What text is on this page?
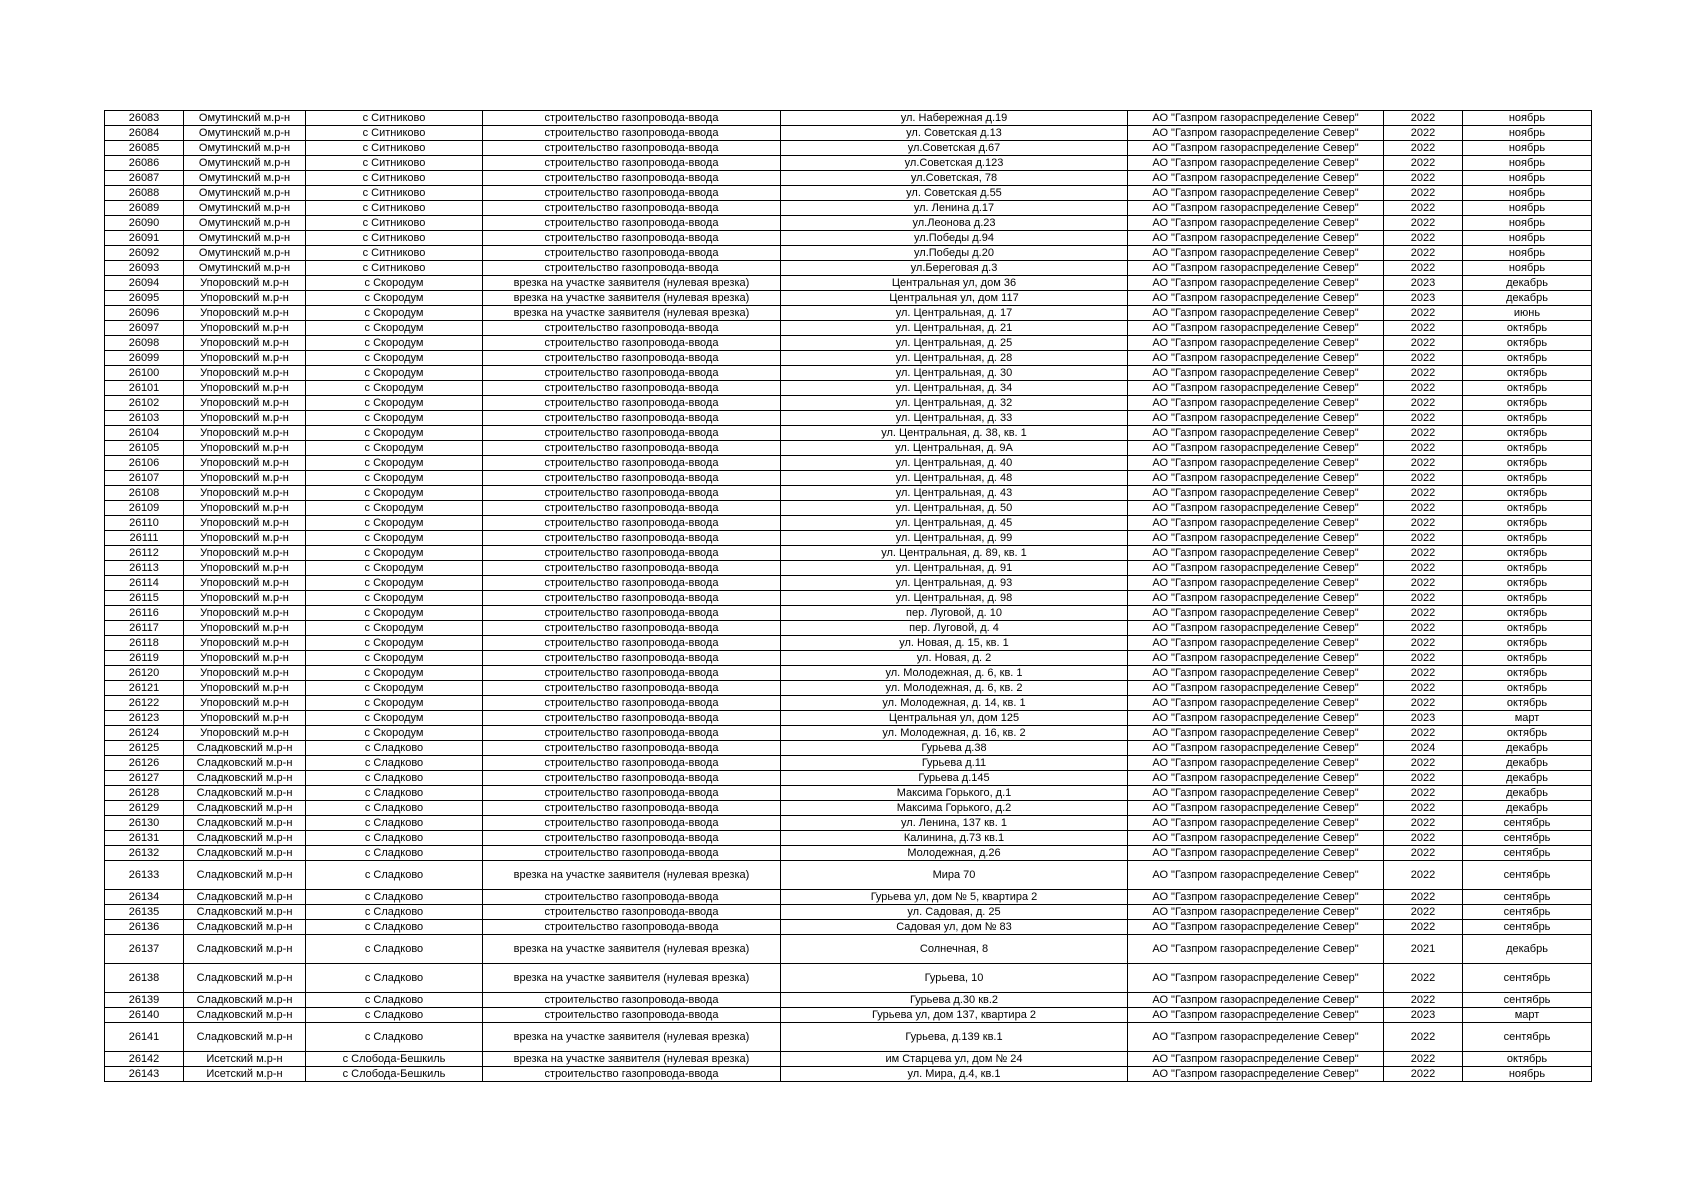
26083	Омутинский м.р-н	с Ситниково	строительство газопровода-ввода	ул. Набережная д.19	АО "Газпром газораспределение Север"	2022	ноябрь
26084	Омутинский м.р-н	с Ситниково	строительство газопровода-ввода	ул. Советская д.13	АО "Газпром газораспределение Север"	2022	ноябрь
26085	Омутинский м.р-н	с Ситниково	строительство газопровода-ввода	ул.Советская д.67	АО "Газпром газораспределение Север"	2022	ноябрь
26086	Омутинский м.р-н	с Ситниково	строительство газопровода-ввода	ул.Советская д.123	АО "Газпром газораспределение Север"	2022	ноябрь
26087	Омутинский м.р-н	с Ситниково	строительство газопровода-ввода	ул.Советская, 78	АО "Газпром газораспределение Север"	2022	ноябрь
26088	Омутинский м.р-н	с Ситниково	строительство газопровода-ввода	ул. Советская д.55	АО "Газпром газораспределение Север"	2022	ноябрь
26089	Омутинский м.р-н	с Ситниково	строительство газопровода-ввода	ул. Ленина д.17	АО "Газпром газораспределение Север"	2022	ноябрь
26090	Омутинский м.р-н	с Ситниково	строительство газопровода-ввода	ул.Леонова д.23	АО "Газпром газораспределение Север"	2022	ноябрь
26091	Омутинский м.р-н	с Ситниково	строительство газопровода-ввода	ул.Победы д.94	АО "Газпром газораспределение Север"	2022	ноябрь
26092	Омутинский м.р-н	с Ситниково	строительство газопровода-ввода	ул.Победы д.20	АО "Газпром газораспределение Север"	2022	ноябрь
26093	Омутинский м.р-н	с Ситниково	строительство газопровода-ввода	ул.Береговая д.3	АО "Газпром газораспределение Север"	2022	ноябрь
26094	Упоровский м.р-н	с Скородум	врезка на участке заявителя (нулевая врезка)	Центральная ул, дом 36	АО "Газпром газораспределение Север"	2023	декабрь
26095	Упоровский м.р-н	с Скородум	врезка на участке заявителя (нулевая врезка)	Центральная ул, дом 117	АО "Газпром газораспределение Север"	2023	декабрь
26096	Упоровский м.р-н	с Скородум	врезка на участке заявителя (нулевая врезка)	ул. Центральная, д. 17	АО "Газпром газораспределение Север"	2022	июнь
26097	Упоровский м.р-н	с Скородум	строительство газопровода-ввода	ул. Центральная, д. 21	АО "Газпром газораспределение Север"	2022	октябрь
26098	Упоровский м.р-н	с Скородум	строительство газопровода-ввода	ул. Центральная, д. 25	АО "Газпром газораспределение Север"	2022	октябрь
26099	Упоровский м.р-н	с Скородум	строительство газопровода-ввода	ул. Центральная, д. 28	АО "Газпром газораспределение Север"	2022	октябрь
26100	Упоровский м.р-н	с Скородум	строительство газопровода-ввода	ул. Центральная, д. 30	АО "Газпром газораспределение Север"	2022	октябрь
26101	Упоровский м.р-н	с Скородум	строительство газопровода-ввода	ул. Центральная, д. 34	АО "Газпром газораспределение Север"	2022	октябрь
26102	Упоровский м.р-н	с Скородум	строительство газопровода-ввода	ул. Центральная, д. 32	АО "Газпром газораспределение Север"	2022	октябрь
26103	Упоровский м.р-н	с Скородум	строительство газопровода-ввода	ул. Центральная, д. 33	АО "Газпром газораспределение Север"	2022	октябрь
26104	Упоровский м.р-н	с Скородум	строительство газопровода-ввода	ул. Центральная, д. 38, кв. 1	АО "Газпром газораспределение Север"	2022	октябрь
26105	Упоровский м.р-н	с Скородум	строительство газопровода-ввода	ул. Центральная, д. 9А	АО "Газпром газораспределение Север"	2022	октябрь
26106	Упоровский м.р-н	с Скородум	строительство газопровода-ввода	ул. Центральная, д. 40	АО "Газпром газораспределение Север"	2022	октябрь
26107	Упоровский м.р-н	с Скородум	строительство газопровода-ввода	ул. Центральная, д. 48	АО "Газпром газораспределение Север"	2022	октябрь
26108	Упоровский м.р-н	с Скородум	строительство газопровода-ввода	ул. Центральная, д. 43	АО "Газпром газораспределение Север"	2022	октябрь
26109	Упоровский м.р-н	с Скородум	строительство газопровода-ввода	ул. Центральная, д. 50	АО "Газпром газораспределение Север"	2022	октябрь
26110	Упоровский м.р-н	с Скородум	строительство газопровода-ввода	ул. Центральная, д. 45	АО "Газпром газораспределение Север"	2022	октябрь
26111	Упоровский м.р-н	с Скородум	строительство газопровода-ввода	ул. Центральная, д. 99	АО "Газпром газораспределение Север"	2022	октябрь
26112	Упоровский м.р-н	с Скородум	строительство газопровода-ввода	ул. Центральная, д. 89, кв. 1	АО "Газпром газораспределение Север"	2022	октябрь
26113	Упоровский м.р-н	с Скородум	строительство газопровода-ввода	ул. Центральная, д. 91	АО "Газпром газораспределение Север"	2022	октябрь
26114	Упоровский м.р-н	с Скородум	строительство газопровода-ввода	ул. Центральная, д. 93	АО "Газпром газораспределение Север"	2022	октябрь
26115	Упоровский м.р-н	с Скородум	строительство газопровода-ввода	ул. Центральная, д. 98	АО "Газпром газораспределение Север"	2022	октябрь
26116	Упоровский м.р-н	с Скородум	строительство газопровода-ввода	пер. Луговой, д. 10	АО "Газпром газораспределение Север"	2022	октябрь
26117	Упоровский м.р-н	с Скородум	строительство газопровода-ввода	пер. Луговой, д. 4	АО "Газпром газораспределение Север"	2022	октябрь
26118	Упоровский м.р-н	с Скородум	строительство газопровода-ввода	ул. Новая, д. 15, кв. 1	АО "Газпром газораспределение Север"	2022	октябрь
26119	Упоровский м.р-н	с Скородум	строительство газопровода-ввода	ул. Новая, д. 2	АО "Газпром газораспределение Север"	2022	октябрь
26120	Упоровский м.р-н	с Скородум	строительство газопровода-ввода	ул. Молодежная, д. 6, кв. 1	АО "Газпром газораспределение Север"	2022	октябрь
26121	Упоровский м.р-н	с Скородум	строительство газопровода-ввода	ул. Молодежная, д. 6, кв. 2	АО "Газпром газораспределение Север"	2022	октябрь
26122	Упоровский м.р-н	с Скородум	строительство газопровода-ввода	ул. Молодежная, д. 14, кв. 1	АО "Газпром газораспределение Север"	2022	октябрь
26123	Упоровский м.р-н	с Скородум	строительство газопровода-ввода	Центральная ул, дом 125	АО "Газпром газораспределение Север"	2023	март
26124	Упоровский м.р-н	с Скородум	строительство газопровода-ввода	ул. Молодежная, д. 16, кв. 2	АО "Газпром газораспределение Север"	2022	октябрь
26125	Сладковский м.р-н	с Сладково	строительство газопровода-ввода	Гурьева д.38	АО "Газпром газораспределение Север"	2024	декабрь
26126	Сладковский м.р-н	с Сладково	строительство газопровода-ввода	Гурьева д.11	АО "Газпром газораспределение Север"	2022	декабрь
26127	Сладковский м.р-н	с Сладково	строительство газопровода-ввода	Гурьева д.145	АО "Газпром газораспределение Север"	2022	декабрь
26128	Сладковский м.р-н	с Сладково	строительство газопровода-ввода	Максима Горького, д.1	АО "Газпром газораспределение Север"	2022	декабрь
26129	Сладковский м.р-н	с Сладково	строительство газопровода-ввода	Максима Горького, д.2	АО "Газпром газораспределение Север"	2022	декабрь
26130	Сладковский м.р-н	с Сладково	строительство газопровода-ввода	ул. Ленина, 137 кв. 1	АО "Газпром газораспределение Север"	2022	сентябрь
26131	Сладковский м.р-н	с Сладково	строительство газопровода-ввода	Калинина, д.73 кв.1	АО "Газпром газораспределение Север"	2022	сентябрь
26132	Сладковский м.р-н	с Сладково	строительство газопровода-ввода	Молодежная, д.26	АО "Газпром газораспределение Север"	2022	сентябрь
26133	Сладковский м.р-н	с Сладково	врезка на участке заявителя (нулевая врезка)	Мира 70	АО "Газпром газораспределение Север"	2022	сентябрь
26134	Сладковский м.р-н	с Сладково	строительство газопровода-ввода	Гурьева ул, дом № 5, квартира 2	АО "Газпром газораспределение Север"	2022	сентябрь
26135	Сладковский м.р-н	с Сладково	строительство газопровода-ввода	ул. Садовая, д. 25	АО "Газпром газораспределение Север"	2022	сентябрь
26136	Сладковский м.р-н	с Сладково	строительство газопровода-ввода	Садовая ул, дом № 83	АО "Газпром газораспределение Север"	2022	сентябрь
26137	Сладковский м.р-н	с Сладково	врезка на участке заявителя (нулевая врезка)	Солнечная, 8	АО "Газпром газораспределение Север"	2021	декабрь
26138	Сладковский м.р-н	с Сладково	врезка на участке заявителя (нулевая врезка)	Гурьева, 10	АО "Газпром газораспределение Север"	2022	сентябрь
26139	Сладковский м.р-н	с Сладково	строительство газопровода-ввода	Гурьева д.30 кв.2	АО "Газпром газораспределение Север"	2022	сентябрь
26140	Сладковский м.р-н	с Сладково	строительство газопровода-ввода	Гурьева ул, дом 137, квартира 2	АО "Газпром газораспределение Север"	2023	март
26141	Сладковский м.р-н	с Сладково	врезка на участке заявителя (нулевая врезка)	Гурьева, д.139 кв.1	АО "Газпром газораспределение Север"	2022	сентябрь
26142	Исетский м.р-н	с Слобода-Бешкиль	врезка на участке заявителя (нулевая врезка)	им Старцева ул, дом № 24	АО "Газпром газораспределение Север"	2022	октябрь
26143	Исетский м.р-н	с Слобода-Бешкиль	строительство газопровода-ввода	ул. Мира, д.4, кв.1	АО "Газпром газораспределение Север"	2022	ноябрь
